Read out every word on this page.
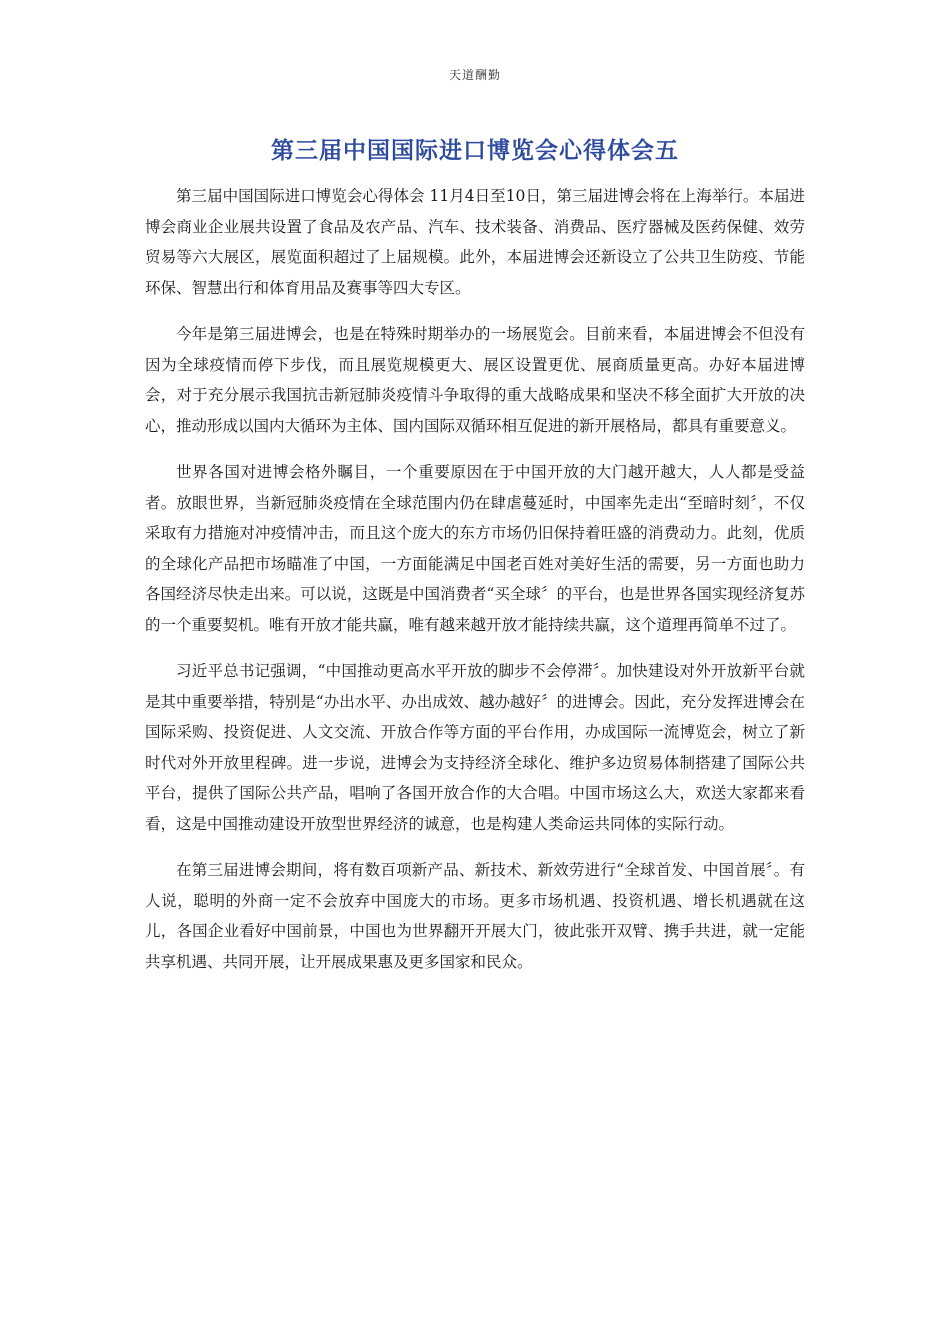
天道酬勤
第三届中国国际进口博览会心得体会五

第三届中国国际进口博览会心得体会 11月4日至10日，第三届进博会将在上海举行。本届进博会商业企业展共设置了食品及农产品、汽车、技术装备、消费品、医疗器械及医药保健、效劳贸易等六大展区，展览面积超过了上届规模。此外，本届进博会还新设立了公共卫生防疫、节能环保、智慧出行和体育用品及赛事等四大专区。

今年是第三届进博会，也是在特殊时期举办的一场展览会。目前来看，本届进博会不但没有因为全球疫情而停下步伐，而且展览规模更大、展区设置更优、展商质量更高。办好本届进博会，对于充分展示我国抗击新冠肺炎疫情斗争取得的重大战略成果和坚决不移全面扩大开放的决心，推动形成以国内大循环为主体、国内国际双循环相互促进的新开展格局，都具有重要意义。

世界各国对进博会格外瞩目，一个重要原因在于中国开放的大门越开越大，人人都是受益者。放眼世界，当新冠肺炎疫情在全球范围内仍在肆虐蔓延时，中国率先走出“至暗时刻〞，不仅采取有力措施对冲疫情冲击，而且这个庞大的东方市场仍旧保持着旺盛的消费动力。此刻，优质的全球化产品把市场瞄准了中国，一方面能满足中国老百姓对美好生活的需要，另一方面也助力各国经济尽快走出来。可以说，这既是中国消费者“买全球〞的平台，也是世界各国实现经济复苏的一个重要契机。唯有开放才能共赢，唯有越来越开放才能持续共赢，这个道理再简单不过了。

习近平总书记强调，“中国推动更高水平开放的脚步不会停滞〞。加快建设对外开放新平台就是其中重要举措，特别是“办出水平、办出成效、越办越好〞的进博会。因此，充分发挥进博会在国际采购、投资促进、人文交流、开放合作等方面的平台作用，办成国际一流博览会，树立了新时代对外开放里程碑。进一步说，进博会为支持经济全球化、维护多边贸易体制搭建了国际公共平台，提供了国际公共产品，唱响了各国开放合作的大合唱。中国市场这么大，欢送大家都来看看，这是中国推动建设开放型世界经济的诚意，也是构建人类命运共同体的实际行动。

在第三届进博会期间，将有数百项新产品、新技术、新效劳进行“全球首发、中国首展〞。有人说，聪明的外商一定不会放弃中国庞大的市场。更多市场机遇、投资机遇、增长机遇就在这儿，各国企业看好中国前景，中国也为世界翻开开展大门，彼此张开双臂、携手共进，就一定能共享机遇、共同开展，让开展成果惠及更多国家和民众。
